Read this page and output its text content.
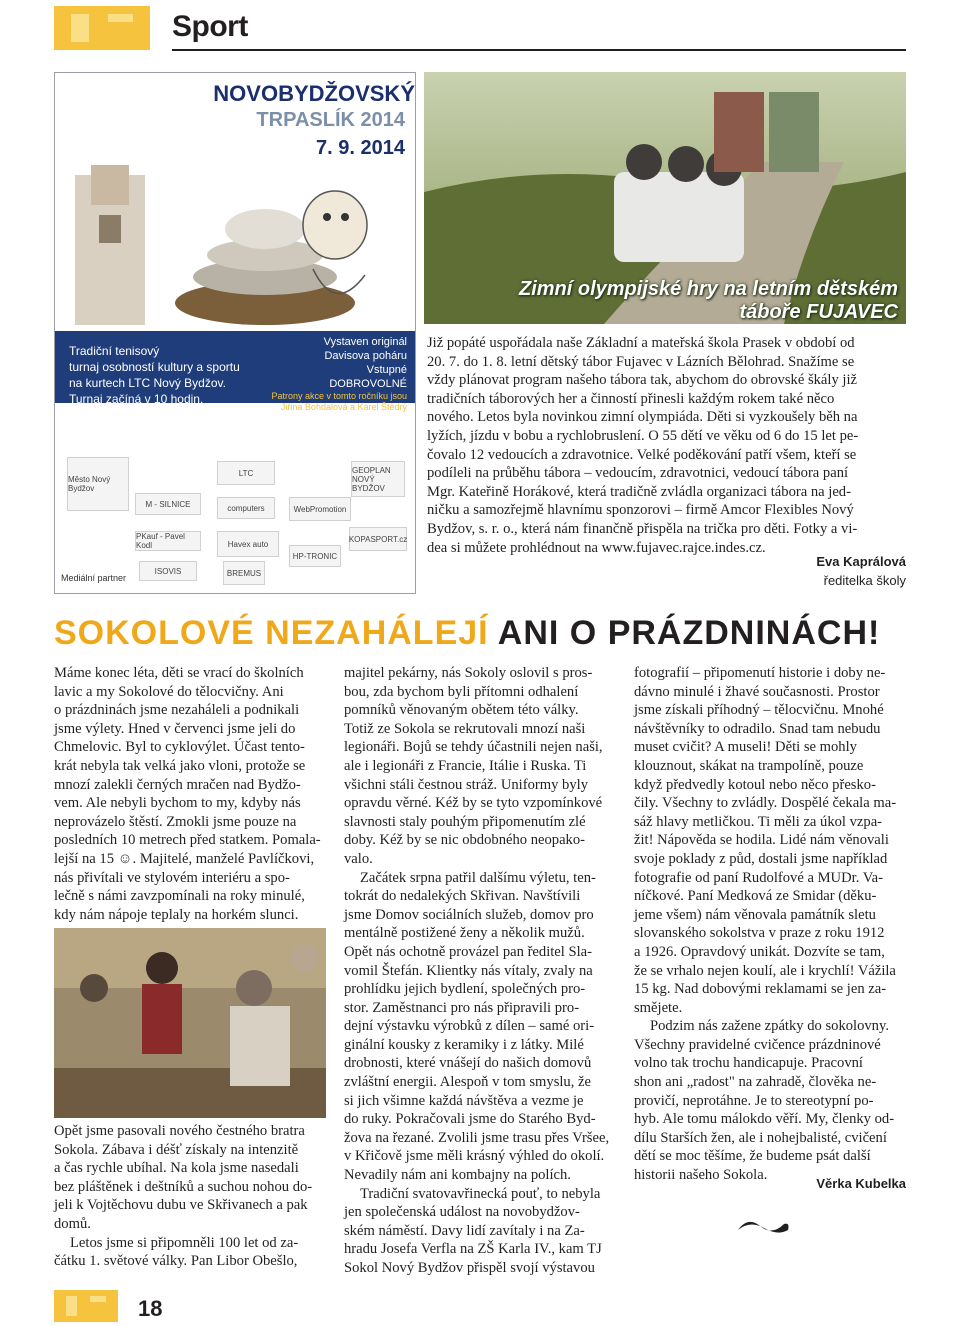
Sport
NOVOBYDŽOVSKÝ
TRPASLÍK 2014
7. 9. 2014
Tradiční tenisový
turnaj osobností kultury a sportu
na kurtech LTC Nový Bydžov.
Turnaj začíná v 10 hodin.
Vystaven originál
Davisova poháru
Vstupné
DOBROVOLNÉ
Patrony akce v tomto ročníku jsou
Jiřina Bohdalová a Karel Štědrý
Město Nový Bydžov
LTC
M - SILNICE
PKauf - Pavel Kodl
ISOVIS
computers
Havex auto
BREMUS
WebPromotion
GEOPLAN NOVÝ BYDŽOV
KOPASPORT.cz
HP-TRONIC
Mediální partner
Zimní olympijské hry na letním dětském táboře FUJAVEC
Již popáté uspořádala naše Základní a mateřská škola Prasek v období od
20. 7. do 1. 8. letní dětský tábor Fujavec v Lázních Bělohrad. Snažíme se
vždy plánovat program našeho tábora tak, abychom do obrovské škály již
tradičních táborových her a činností přinesli každým rokem také něco
nového. Letos byla novinkou zimní olympiáda. Děti si vyzkoušely běh na
lyžích, jízdu v bobu a rychlobruslení. O 55 dětí ve věku od 6 do 15 let pe-
čovalo 12 vedoucích a zdravotnice. Velké poděkování patří všem, kteří se
podíleli na průběhu tábora – vedoucím, zdravotnici, vedoucí tábora paní
Mgr. Kateřině Horákové, která tradičně zvládla organizaci tábora na jed-
ničku a samozřejmě hlavnímu sponzorovi – firmě Amcor Flexibles Nový
Bydžov, s. r. o., která nám finančně přispěla na trička pro děti. Fotky a vi-
dea si můžete prohlédnout na www.fujavec.rajce.indes.cz.
Eva Kaprálová
ředitelka školy
SOKOLOVÉ NEZAHÁLEJÍ ANI O PRÁZDNINÁCH!
Máme konec léta, děti se vrací do školních
lavic a my Sokolové do tělocvičny. Ani
o prázdninách jsme nezaháleli a podnikali
jsme výlety. Hned v červenci jsme jeli do
Chmelovic. Byl to cyklovýlet. Účast tento-
krát nebyla tak velká jako vloni, protože se
mnozí zalekli černých mračen nad Bydžo-
vem. Ale nebyli bychom to my, kdyby nás
neprovázelo štěstí. Zmokli jsme pouze na
posledních 10 metrech před statkem. Pomala-
lejší na 15 ☺. Majitelé, manželé Pavlíčkovi,
nás přivítali ve stylovém interiéru a spo-
lečně s námi zavzpomínali na roky minulé,
kdy nám nápoje teplaly na horkém slunci.
Opět jsme pasovali nového čestného bratra
Sokola. Zábava i déšť získaly na intenzitě
a čas rychle ubíhal. Na kola jsme nasedali
bez pláštěnek i deštníků a suchou nohou do-
jeli k Vojtěchovu dubu ve Skřivanech a pak
domů.
Letos jsme si připomněli 100 let od za-
čátku 1. světové války. Pan Libor Obešlo,
majitel pekárny, nás Sokoly oslovil s pros-
bou, zda bychom byli přítomni odhalení
pomníků věnovaným obětem této války.
Totiž ze Sokola se rekrutovali mnozí naši
legionáři. Bojů se tehdy účastnili nejen naši,
ale i legionáři z Francie, Itálie i Ruska. Ti
všichni stáli čestnou stráž. Uniformy byly
opravdu věrné. Kéž by se tyto vzpomínkové
slavnosti staly pouhým připomenutím zlé
doby. Kéž by se nic obdobného neopako-
valo.
Začátek srpna patřil dalšímu výletu, ten-
tokrát do nedalekých Skřivan. Navštívili
jsme Domov sociálních služeb, domov pro
mentálně postižené ženy a několik mužů.
Opět nás ochotně provázel pan ředitel Sla-
vomil Štefán. Klientky nás vítaly, zvaly na
prohlídku jejich bydlení, společných pro-
stor. Zaměstnanci pro nás připravili pro-
dejní výstavku výrobků z dílen – samé ori-
ginální kousky z keramiky i z látky. Milé
drobnosti, které vnášejí do našich domovů
zvláštní energii. Alespoň v tom smyslu, že
si jich všimne každá návštěva a vezme je
do ruky. Pokračovali jsme do Starého Byd-
žova na řezané. Zvolili jsme trasu přes Vršee,
v Křičově jsme měli krásný výhled do okolí.
Nevadily nám ani kombajny na polích.
Tradiční svatovavřinecká pouť, to nebyla
jen společenská událost na novobydžov-
ském náměstí. Davy lidí zavítaly i na Za-
hradu Josefa Verfla na ZŠ Karla IV., kam TJ
Sokol Nový Bydžov přispěl svojí výstavou
fotografií – připomenutí historie i doby ne-
dávno minulé i žhavé současnosti. Prostor
jsme získali příhodný – tělocvičnu. Mnohé
návštěvníky to odradilo. Snad tam nebudu
muset cvičit? A museli! Děti se mohly
klouznout, skákat na trampolíně, pouze
když předvedly kotoul nebo něco přesko-
čily. Všechny to zvládly. Dospělé čekala ma-
sáž hlavy metličkou. Ti měli za úkol vzpa-
žit! Nápověda se hodila. Lidé nám věnovali
svoje poklady z půd, dostali jsme například
fotografie od paní Rudolfové a MUDr. Va-
níčkové. Paní Medková ze Smidar (děku-
jeme všem) nám věnovala památník sletu
slovanského sokolstva v praze z roku 1912
a 1926. Opravdový unikát. Dozvíte se tam,
že se vrhalo nejen koulí, ale i krychlí! Vážila
15 kg. Nad dobovými reklamami se jen za-
smějete.
Podzim nás zažene zpátky do sokolovny.
Všechny pravidelné cvičence prázdninové
volno tak trochu handicapuje. Pracovní
shon ani „radost" na zahradě, člověka ne-
provičí, neprotáhne. Je to stereotypní po-
hyb. Ale tomu málokdo věří. My, členky od-
dílu Starších žen, ale i nohejbalisté, cvičení
dětí se moc těšíme, že budeme psát další
historii našeho Sokola.
Věrka Kubelka
18
